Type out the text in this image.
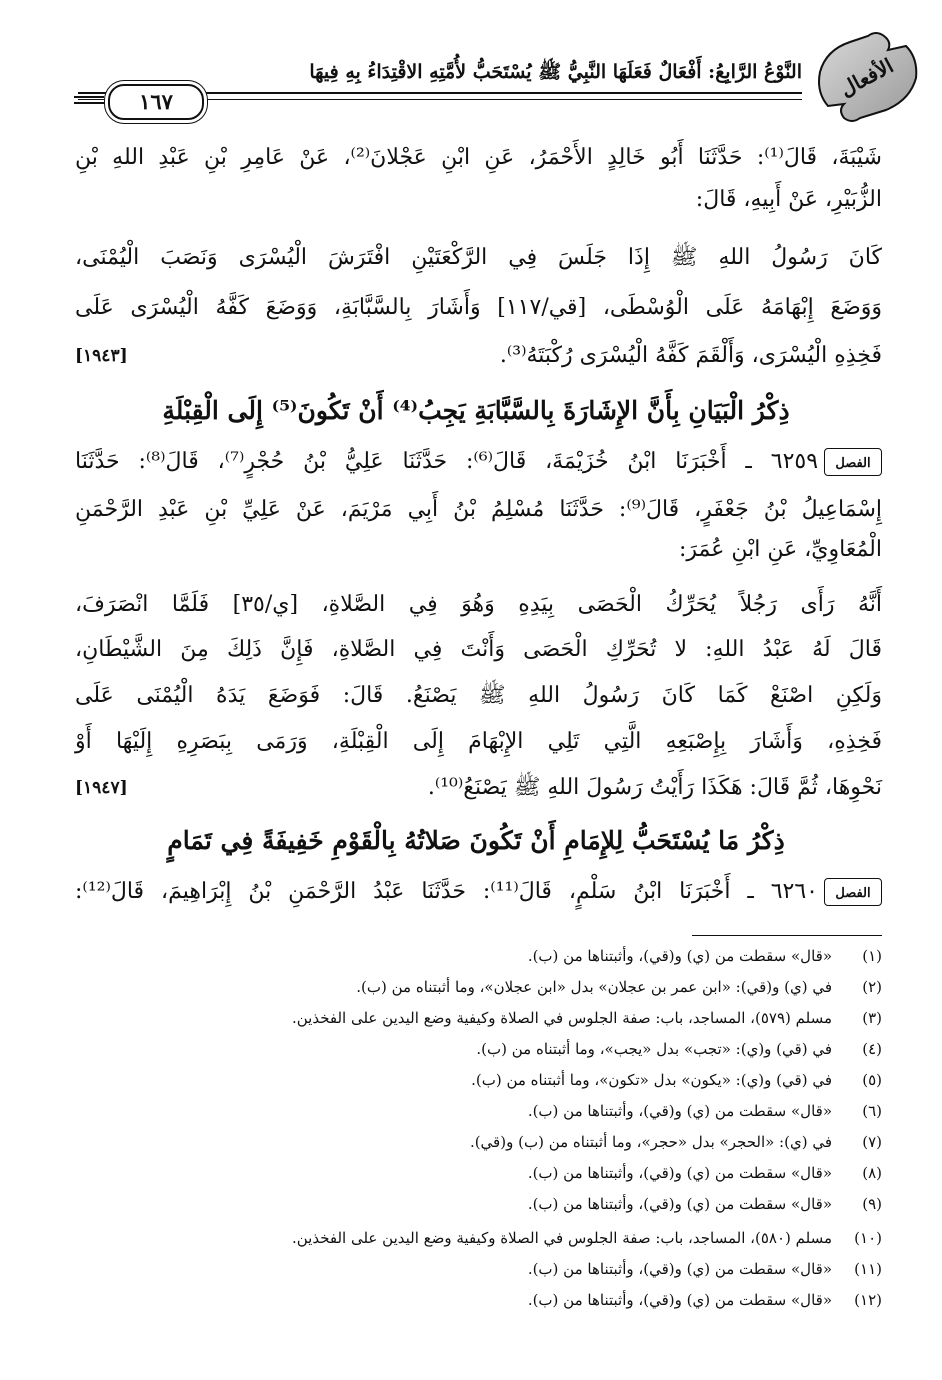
الأفعال
النَّوْعُ الرَّابِعُ: أَفْعَالٌ فَعَلَهَا النَّبِيُّ ﷺ يُسْتَحَبُّ لأُمَّتِهِ الاقْتِدَاءُ بِهِ فِيهَا
١٦٧
شَيْبَةَ، قَالَ⁽¹⁾: حَدَّثَنَا أَبُو خَالِدٍ الأَحْمَرُ، عَنِ ابْنِ عَجْلانَ⁽²⁾، عَنْ عَامِرِ بْنِ عَبْدِ اللهِ بْنِ
الزُّبَيْرِ، عَنْ أَبِيهِ، قَالَ:
كَانَ رَسُولُ اللهِ ﷺ إِذَا جَلَسَ فِي الرَّكْعَتَيْنِ افْتَرَشَ الْيُسْرَى وَنَصَبَ الْيُمْنَى،
وَوَضَعَ إِبْهَامَهُ عَلَى الْوُسْطَى، [قي/١١٧] وَأَشَارَ بِالسَّبَّابَةِ، وَوَضَعَ كَفَّهُ الْيُسْرَى عَلَى
فَخِذِهِ الْيُسْرَى، وَأَلْقَمَ كَفَّهُ الْيُسْرَى رُكْبَتَهُ⁽³⁾.
[١٩٤٣]
ذِكْرُ الْبَيَانِ بِأَنَّ الإِشَارَةَ بِالسَّبَّابَةِ يَجِبُ⁽⁴⁾ أَنْ تَكُونَ⁽⁵⁾ إِلَى الْقِبْلَةِ
الفصل
٦٢٥٩ ـ أَخْبَرَنَا ابْنُ خُزَيْمَةَ، قَالَ⁽⁶⁾: حَدَّثَنَا عَلِيُّ بْنُ حُجْرٍ⁽⁷⁾، قَالَ⁽⁸⁾: حَدَّثَنَا
إِسْمَاعِيلُ بْنُ جَعْفَرٍ، قَالَ⁽⁹⁾: حَدَّثَنَا مُسْلِمُ بْنُ أَبِي مَرْيَمَ، عَنْ عَلِيِّ بْنِ عَبْدِ الرَّحْمَنِ
الْمُعَاوِيِّ، عَنِ ابْنِ عُمَرَ:
أَنَّهُ رَأَى رَجُلاً يُحَرِّكُ الْحَصَى بِيَدِهِ وَهُوَ فِي الصَّلاةِ، [ي/٣٥] فَلَمَّا انْصَرَفَ،
قَالَ لَهُ عَبْدُ اللهِ: لا تُحَرِّكِ الْحَصَى وَأَنْتَ فِي الصَّلاةِ، فَإِنَّ ذَلِكَ مِنَ الشَّيْطَانِ،
وَلَكِنِ اصْنَعْ كَمَا كَانَ رَسُولُ اللهِ ﷺ يَصْنَعُ. قَالَ: فَوَضَعَ يَدَهُ الْيُمْنَى عَلَى
فَخِذِهِ، وَأَشَارَ بِإِصْبَعِهِ الَّتِي تَلِي الإِبْهَامَ إِلَى الْقِبْلَةِ، وَرَمَى بِبَصَرِهِ إِلَيْهَا أَوْ
نَحْوِهَا، ثُمَّ قَالَ: هَكَذَا رَأَيْتُ رَسُولَ اللهِ ﷺ يَصْنَعُ⁽¹⁰⁾.
[١٩٤٧]
ذِكْرُ مَا يُسْتَحَبُّ لِلإِمَامِ أَنْ تَكُونَ صَلاتُهُ بِالْقَوْمِ خَفِيفَةً فِي تَمَامٍ
الفصل
٦٢٦٠ ـ أَخْبَرَنَا ابْنُ سَلْمٍ، قَالَ⁽¹¹⁾: حَدَّثَنَا عَبْدُ الرَّحْمَنِ بْنُ إِبْرَاهِيمَ، قَالَ⁽¹²⁾:
(١)
«قال» سقطت من (ي) و(قي)، وأثبتناها من (ب).
(٢)
في (ي) و(قي): «ابن عمر بن عجلان» بدل «ابن عجلان»، وما أثبتناه من (ب).
(٣)
مسلم (٥٧٩)، المساجد، باب: صفة الجلوس في الصلاة وكيفية وضع اليدين على الفخذين.
(٤)
في (قي) و(ي): «تجب» بدل «يجب»، وما أثبتناه من (ب).
(٥)
في (قي) و(ي): «يكون» بدل «تكون»، وما أثبتناه من (ب).
(٦)
«قال» سقطت من (ي) و(قي)، وأثبتناها من (ب).
(٧)
في (ي): «الحجر» بدل «حجر»، وما أثبتناه من (ب) و(قي).
(٨)
«قال» سقطت من (ي) و(قي)، وأثبتناها من (ب).
(٩)
«قال» سقطت من (ي) و(قي)، وأثبتناها من (ب).
(١٠)
مسلم (٥٨٠)، المساجد، باب: صفة الجلوس في الصلاة وكيفية وضع اليدين على الفخذين.
(١١)
«قال» سقطت من (ي) و(قي)، وأثبتناها من (ب).
(١٢)
«قال» سقطت من (ي) و(قي)، وأثبتناها من (ب).
